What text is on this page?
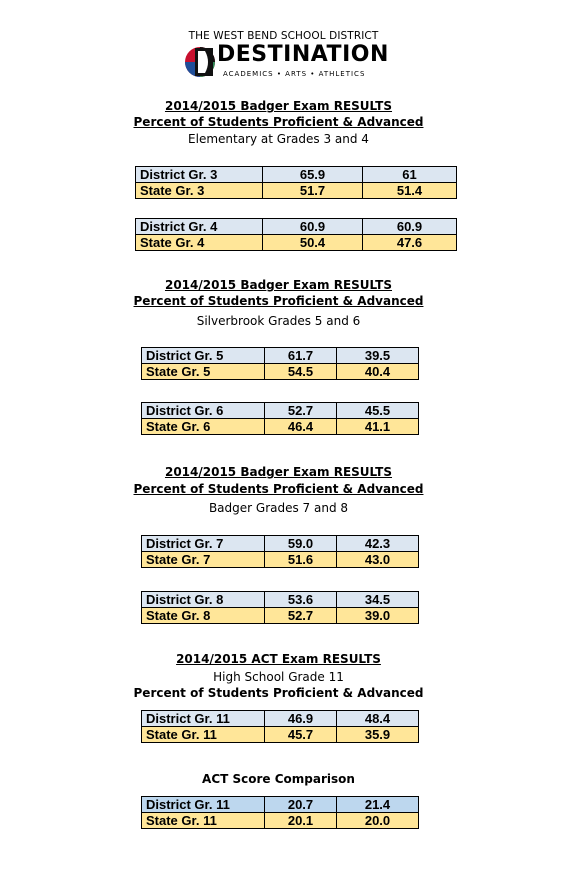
THE WEST BEND SCHOOL DISTRICT
DESTINATION
ACADEMICS • ARTS • ATHLETICS
2014/2015 Badger Exam RESULTS
Percent of Students Proficient & Advanced
Elementary at Grades 3 and 4
District Gr. 3	65.9	61
State Gr. 3	51.7	51.4
District Gr. 4	60.9	60.9
State Gr. 4	50.4	47.6
2014/2015 Badger Exam RESULTS
Percent of Students Proficient & Advanced
Silverbrook Grades 5 and 6
District Gr. 5	61.7	39.5
State Gr. 5	54.5	40.4
District Gr. 6	52.7	45.5
State Gr. 6	46.4	41.1
2014/2015 Badger Exam RESULTS
Percent of Students Proficient & Advanced
Badger Grades 7 and 8
District Gr. 7	59.0	42.3
State Gr. 7	51.6	43.0
District Gr. 8	53.6	34.5
State Gr. 8	52.7	39.0
2014/2015 ACT Exam RESULTS
High School Grade 11
Percent of Students Proficient & Advanced
District Gr. 11	46.9	48.4
State Gr. 11	45.7	35.9
ACT Score Comparison
District Gr. 11	20.7	21.4
State Gr. 11	20.1	20.0
